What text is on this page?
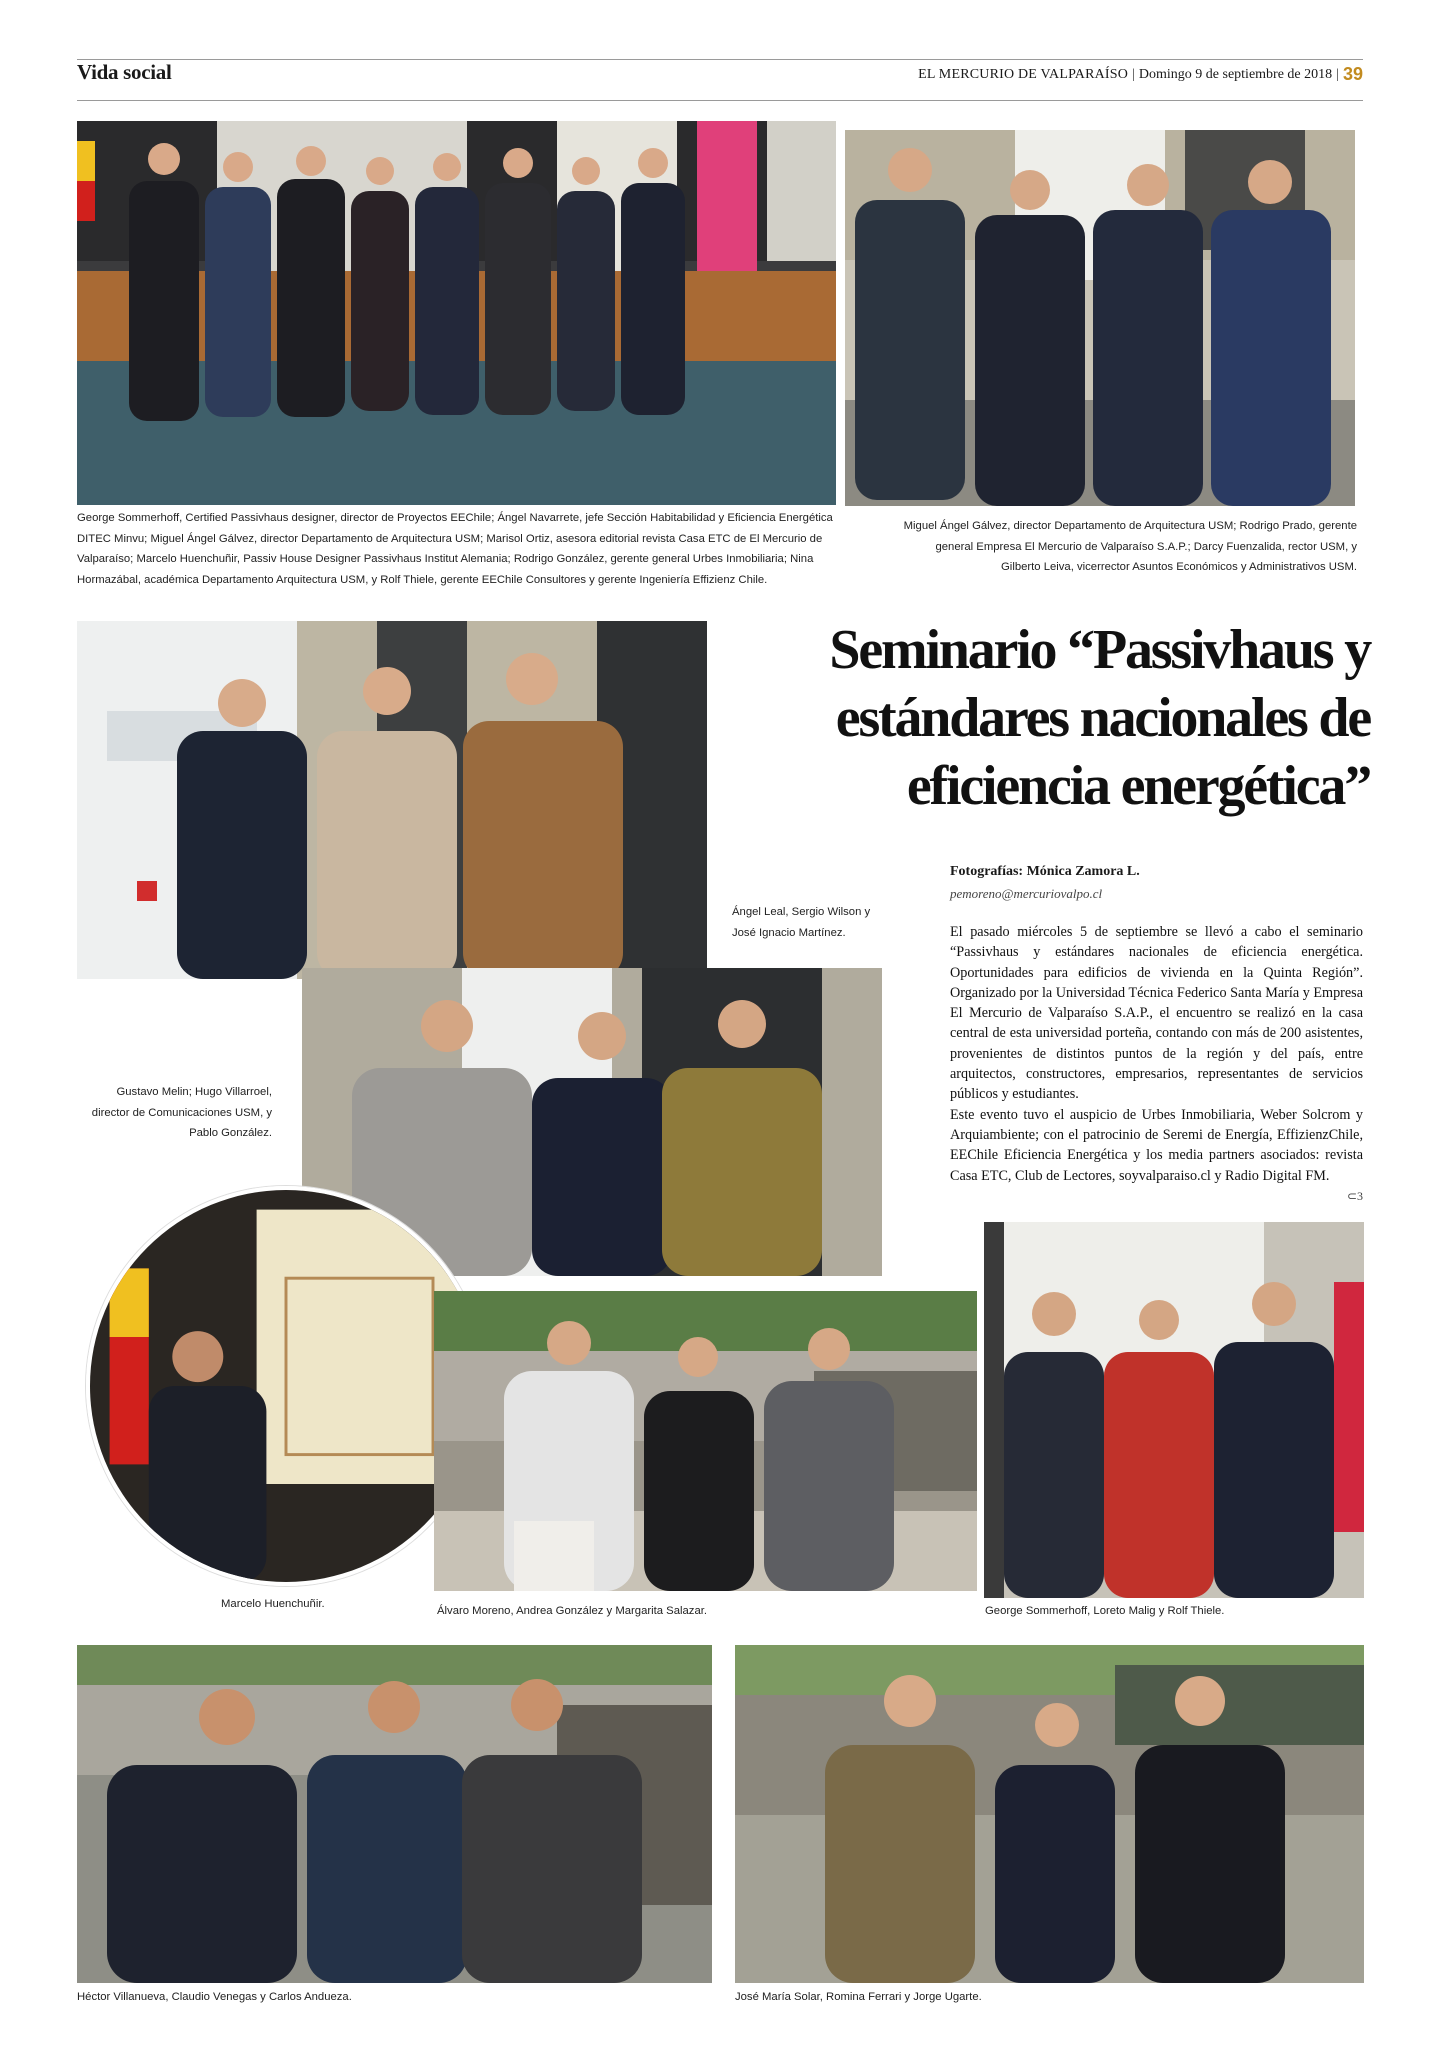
Vida social	EL MERCURIO DE VALPARAÍSO | Domingo 9 de septiembre de 2018 | 39
George Sommerhoff, Certified Passivhaus designer, director de Proyectos EEChile; Ángel Navarrete, jefe Sección Habitabilidad y Eficiencia Energética DITEC Minvu; Miguel Ángel Gálvez, director Departamento de Arquitectura USM; Marisol Ortiz, asesora editorial revista Casa ETC de El Mercurio de Valparaíso; Marcelo Huenchuñir, Passiv House Designer Passivhaus Institut Alemania; Rodrigo González, gerente general Urbes Inmobiliaria; Nina Hormazábal, académica Departamento Arquitectura USM, y Rolf Thiele, gerente EEChile Consultores y gerente Ingeniería Effizienz Chile.
Miguel Ángel Gálvez, director Departamento de Arquitectura USM; Rodrigo Prado, gerente general Empresa El Mercurio de Valparaíso S.A.P.; Darcy Fuenzalida, rector USM, y Gilberto Leiva, vicerrector Asuntos Económicos y Administrativos USM.
Seminario “Passivhaus y
estándares nacionales de
eficiencia energética”
Ángel Leal, Sergio Wilson y José Ignacio Martínez.
Fotografías: Mónica Zamora L.
pemoreno@mercuriovalpo.cl

El pasado miércoles 5 de septiembre se llevó a cabo el seminario “Passivhaus y estándares nacionales de eficiencia energética. Oportunidades para edificios de vivienda en la Quinta Región”. Organizado por la Universidad Técnica Federico Santa María y Empresa El Mercurio de Valparaíso S.A.P., el encuentro se realizó en la casa central de esta universidad porteña, contando con más de 200 asistentes, provenientes de distintos puntos de la región y del país, entre arquitectos, constructores, empresarios, representantes de servicios públicos y estudiantes.

Este evento tuvo el auspicio de Urbes Inmobiliaria, Weber Solcrom y Arquiambiente; con el patrocinio de Seremi de Energía, EffizienzChile, EEChile Eficiencia Energética y los media partners asociados: revista Casa ETC, Club de Lectores, soyvalparaiso.cl y Radio Digital FM.

⊂3
Gustavo Melin; Hugo Villarroel, director de Comunicaciones USM, y Pablo González.
Marcelo Huenchuñir.
Álvaro Moreno, Andrea González y Margarita Salazar.	George Sommerhoff, Loreto Malig y Rolf Thiele.
Héctor Villanueva, Claudio Venegas y Carlos Andueza.	José María Solar, Romina Ferrari y Jorge Ugarte.
